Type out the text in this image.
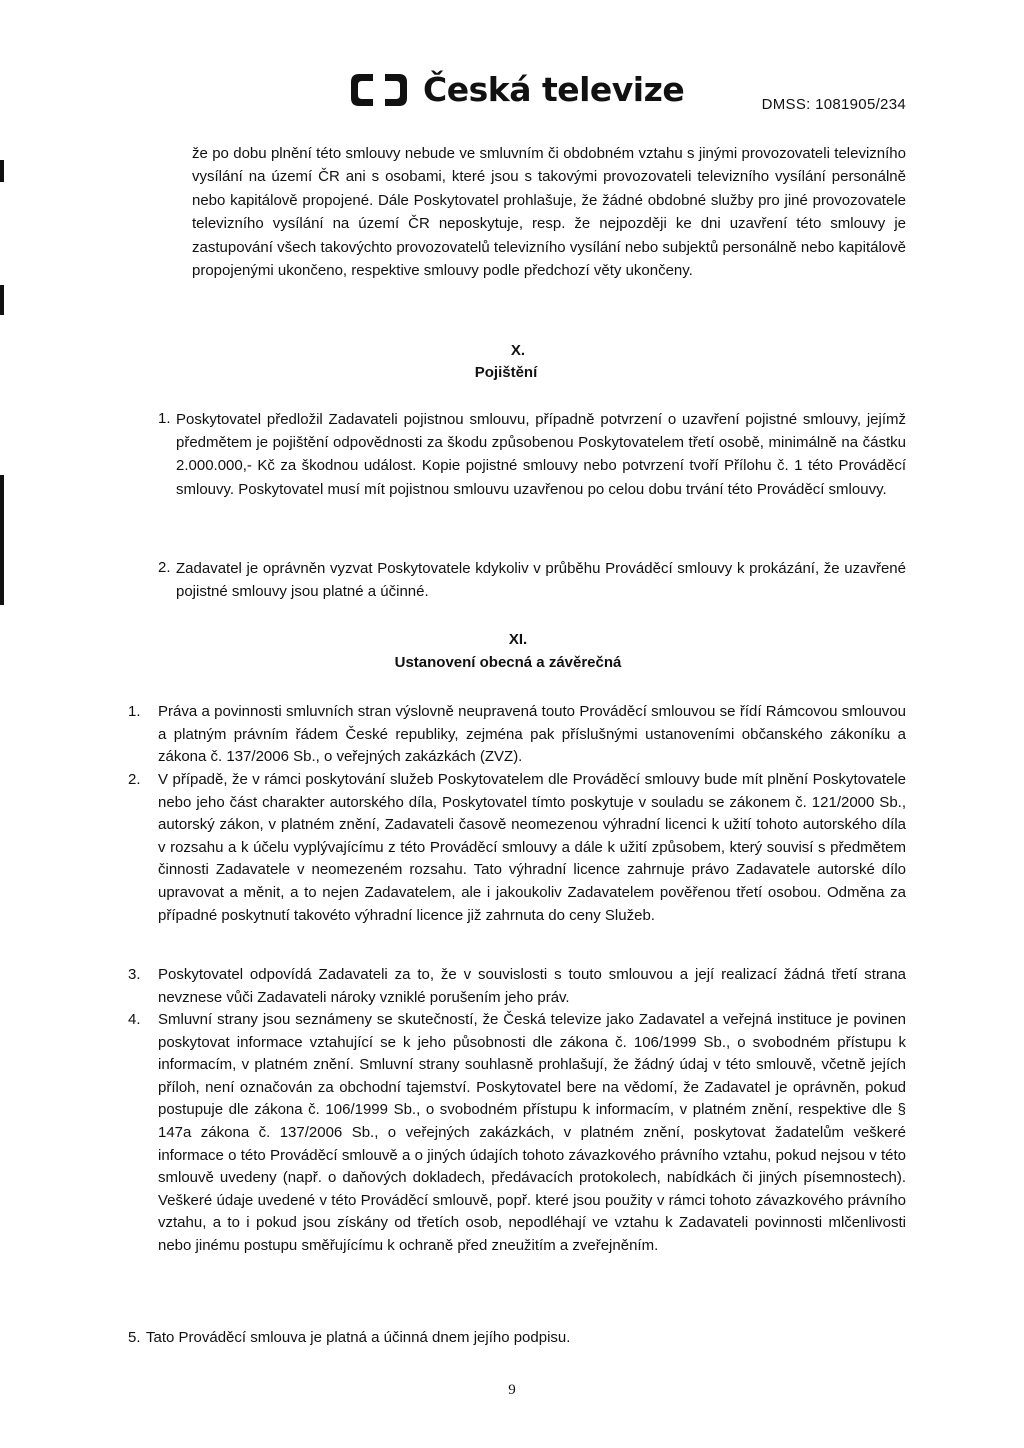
Česká televize	DMSS: 1081905/234

že po dobu plnění této smlouvy nebude ve smluvním či obdobném vztahu s jinými provozovateli televizního vysílání na území ČR ani s osobami, které jsou s takovými provozovateli televizního vysílání personálně nebo kapitálově propojené. Dále Poskytovatel prohlašuje, že žádné obdobné služby pro jiné provozovatele televizního vysílání na území ČR neposkytuje, resp. že nejpozději ke dni uzavření této smlouvy je zastupování všech takovýchto provozovatelů televizního vysílání nebo subjektů personálně nebo kapitálově propojenými ukončeno, respektive smlouvy podle předchozí věty ukončeny.

X.
Pojištění
1. Poskytovatel předložil Zadavateli pojistnou smlouvu, případně potvrzení o uzavření pojistné smlouvy, jejímž předmětem je pojištění odpovědnosti za škodu způsobenou Poskytovatelem třetí osobě, minimálně na částku 2.000.000,- Kč za škodnou událost. Kopie pojistné smlouvy nebo potvrzení tvoří Přílohu č. 1 této Prováděcí smlouvy. Poskytovatel musí mít pojistnou smlouvu uzavřenou po celou dobu trvání této Prováděcí smlouvy.

2. Zadavatel je oprávněn vyzvat Poskytovatele kdykoliv v průběhu Prováděcí smlouvy k prokázání, že uzavřené pojistné smlouvy jsou platné a účinné.

XI.
Ustanovení obecná a závěrečná
1. Práva a povinnosti smluvních stran výslovně neupravená touto Prováděcí smlouvou se řídí Rámcovou smlouvou a platným právním řádem České republiky, zejména pak příslušnými ustanoveními občanského zákoníku a zákona č. 137/2006 Sb., o veřejných zakázkách (ZVZ).

2. V případě, že v rámci poskytování služeb Poskytovatelem dle Prováděcí smlouvy bude mít plnění Poskytovatele nebo jeho část charakter autorského díla, Poskytovatel tímto poskytuje v souladu se zákonem č. 121/2000 Sb., autorský zákon, v platném znění, Zadavateli časově neomezenou výhradní licenci k užití tohoto autorského díla v rozsahu a k účelu vyplývajícímu z této Prováděcí smlouvy a dále k užití způsobem, který souvisí s předmětem činnosti Zadavatele v neomezeném rozsahu. Tato výhradní licence zahrnuje právo Zadavatele autorské dílo upravovat a měnit, a to nejen Zadavatelem, ale i jakoukoliv Zadavatelem pověřenou třetí osobou. Odměna za případné poskytnutí takovéto výhradní licence již zahrnuta do ceny Služeb.

3. Poskytovatel odpovídá Zadavateli za to, že v souvislosti s touto smlouvou a její realizací žádná třetí strana nevznese vůči Zadavateli nároky vzniklé porušením jeho práv.

4. Smluvní strany jsou seznámeny se skutečností, že Česká televize jako Zadavatel a veřejná instituce je povinen poskytovat informace vztahující se k jeho působnosti dle zákona č. 106/1999 Sb., o svobodném přístupu k informacím, v platném znění. Smluvní strany souhlasně prohlašují, že žádný údaj v této smlouvě, včetně jejích příloh, není označován za obchodní tajemství. Poskytovatel bere na vědomí, že Zadavatel je oprávněn, pokud postupuje dle zákona č. 106/1999 Sb., o svobodném přístupu k informacím, v platném znění, respektive dle § 147a zákona č. 137/2006 Sb., o veřejných zakázkách, v platném znění, poskytovat žadatelům veškeré informace o této Prováděcí smlouvě a o jiných údajích tohoto závazkového právního vztahu, pokud nejsou v této smlouvě uvedeny (např. o daňových dokladech, předávacích protokolech, nabídkách či jiných písemnostech). Veškeré údaje uvedené v této Prováděcí smlouvě, popř. které jsou použity v rámci tohoto závazkového právního vztahu, a to i pokud jsou získány od třetích osob, nepodléhají ve vztahu k Zadavateli povinnosti mlčenlivosti nebo jinému postupu směřujícímu k ochraně před zneužitím a zveřejněním.

5. Tato Prováděcí smlouva je platná a účinná dnem jejího podpisu.

9
